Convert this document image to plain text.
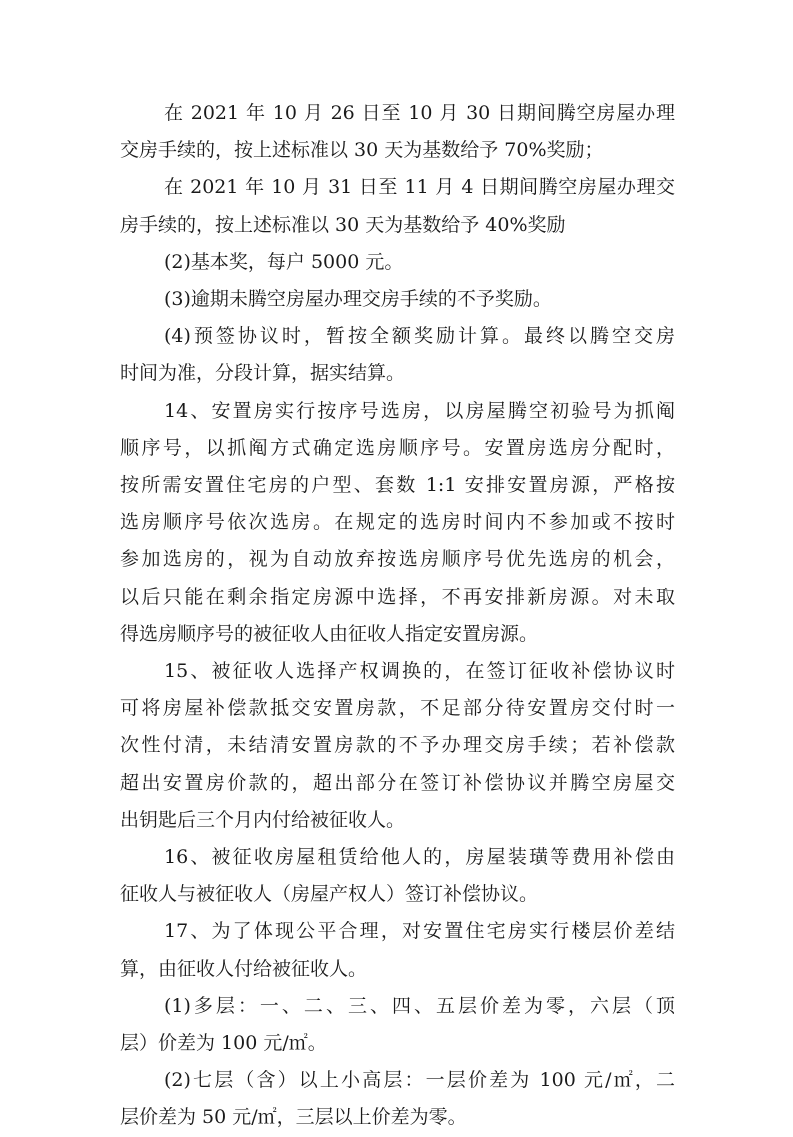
在 2021 年 10 月 26 日至 10 月 30 日期间腾空房屋办理
交房手续的，按上述标准以 30 天为基数给予 70%奖励；
在 2021 年 10 月 31 日至 11 月 4 日期间腾空房屋办理交
房手续的，按上述标准以 30 天为基数给予 40%奖励
(2)基本奖，每户 5000 元。
(3)逾期未腾空房屋办理交房手续的不予奖励。
(4)预签协议时，暂按全额奖励计算。最终以腾空交房
时间为准，分段计算，据实结算。
14、安置房实行按序号选房，以房屋腾空初验号为抓阄
顺序号，以抓阄方式确定选房顺序号。安置房选房分配时，
按所需安置住宅房的户型、套数 1:1 安排安置房源，严格按
选房顺序号依次选房。在规定的选房时间内不参加或不按时
参加选房的，视为自动放弃按选房顺序号优先选房的机会，
以后只能在剩余指定房源中选择，不再安排新房源。对未取
得选房顺序号的被征收人由征收人指定安置房源。
15、被征收人选择产权调换的，在签订征收补偿协议时
可将房屋补偿款抵交安置房款，不足部分待安置房交付时一
次性付清，未结清安置房款的不予办理交房手续；若补偿款
超出安置房价款的，超出部分在签订补偿协议并腾空房屋交
出钥匙后三个月内付给被征收人。
16、被征收房屋租赁给他人的，房屋装璜等费用补偿由
征收人与被征收人（房屋产权人）签订补偿协议。
17、为了体现公平合理，对安置住宅房实行楼层价差结
算，由征收人付给被征收人。
(1)多层：一、二、三、四、五层价差为零，六层（顶
层）价差为 100 元/㎡。
(2)七层（含）以上小高层：一层价差为 100 元/㎡，二
层价差为 50 元/㎡，三层以上价差为零。
